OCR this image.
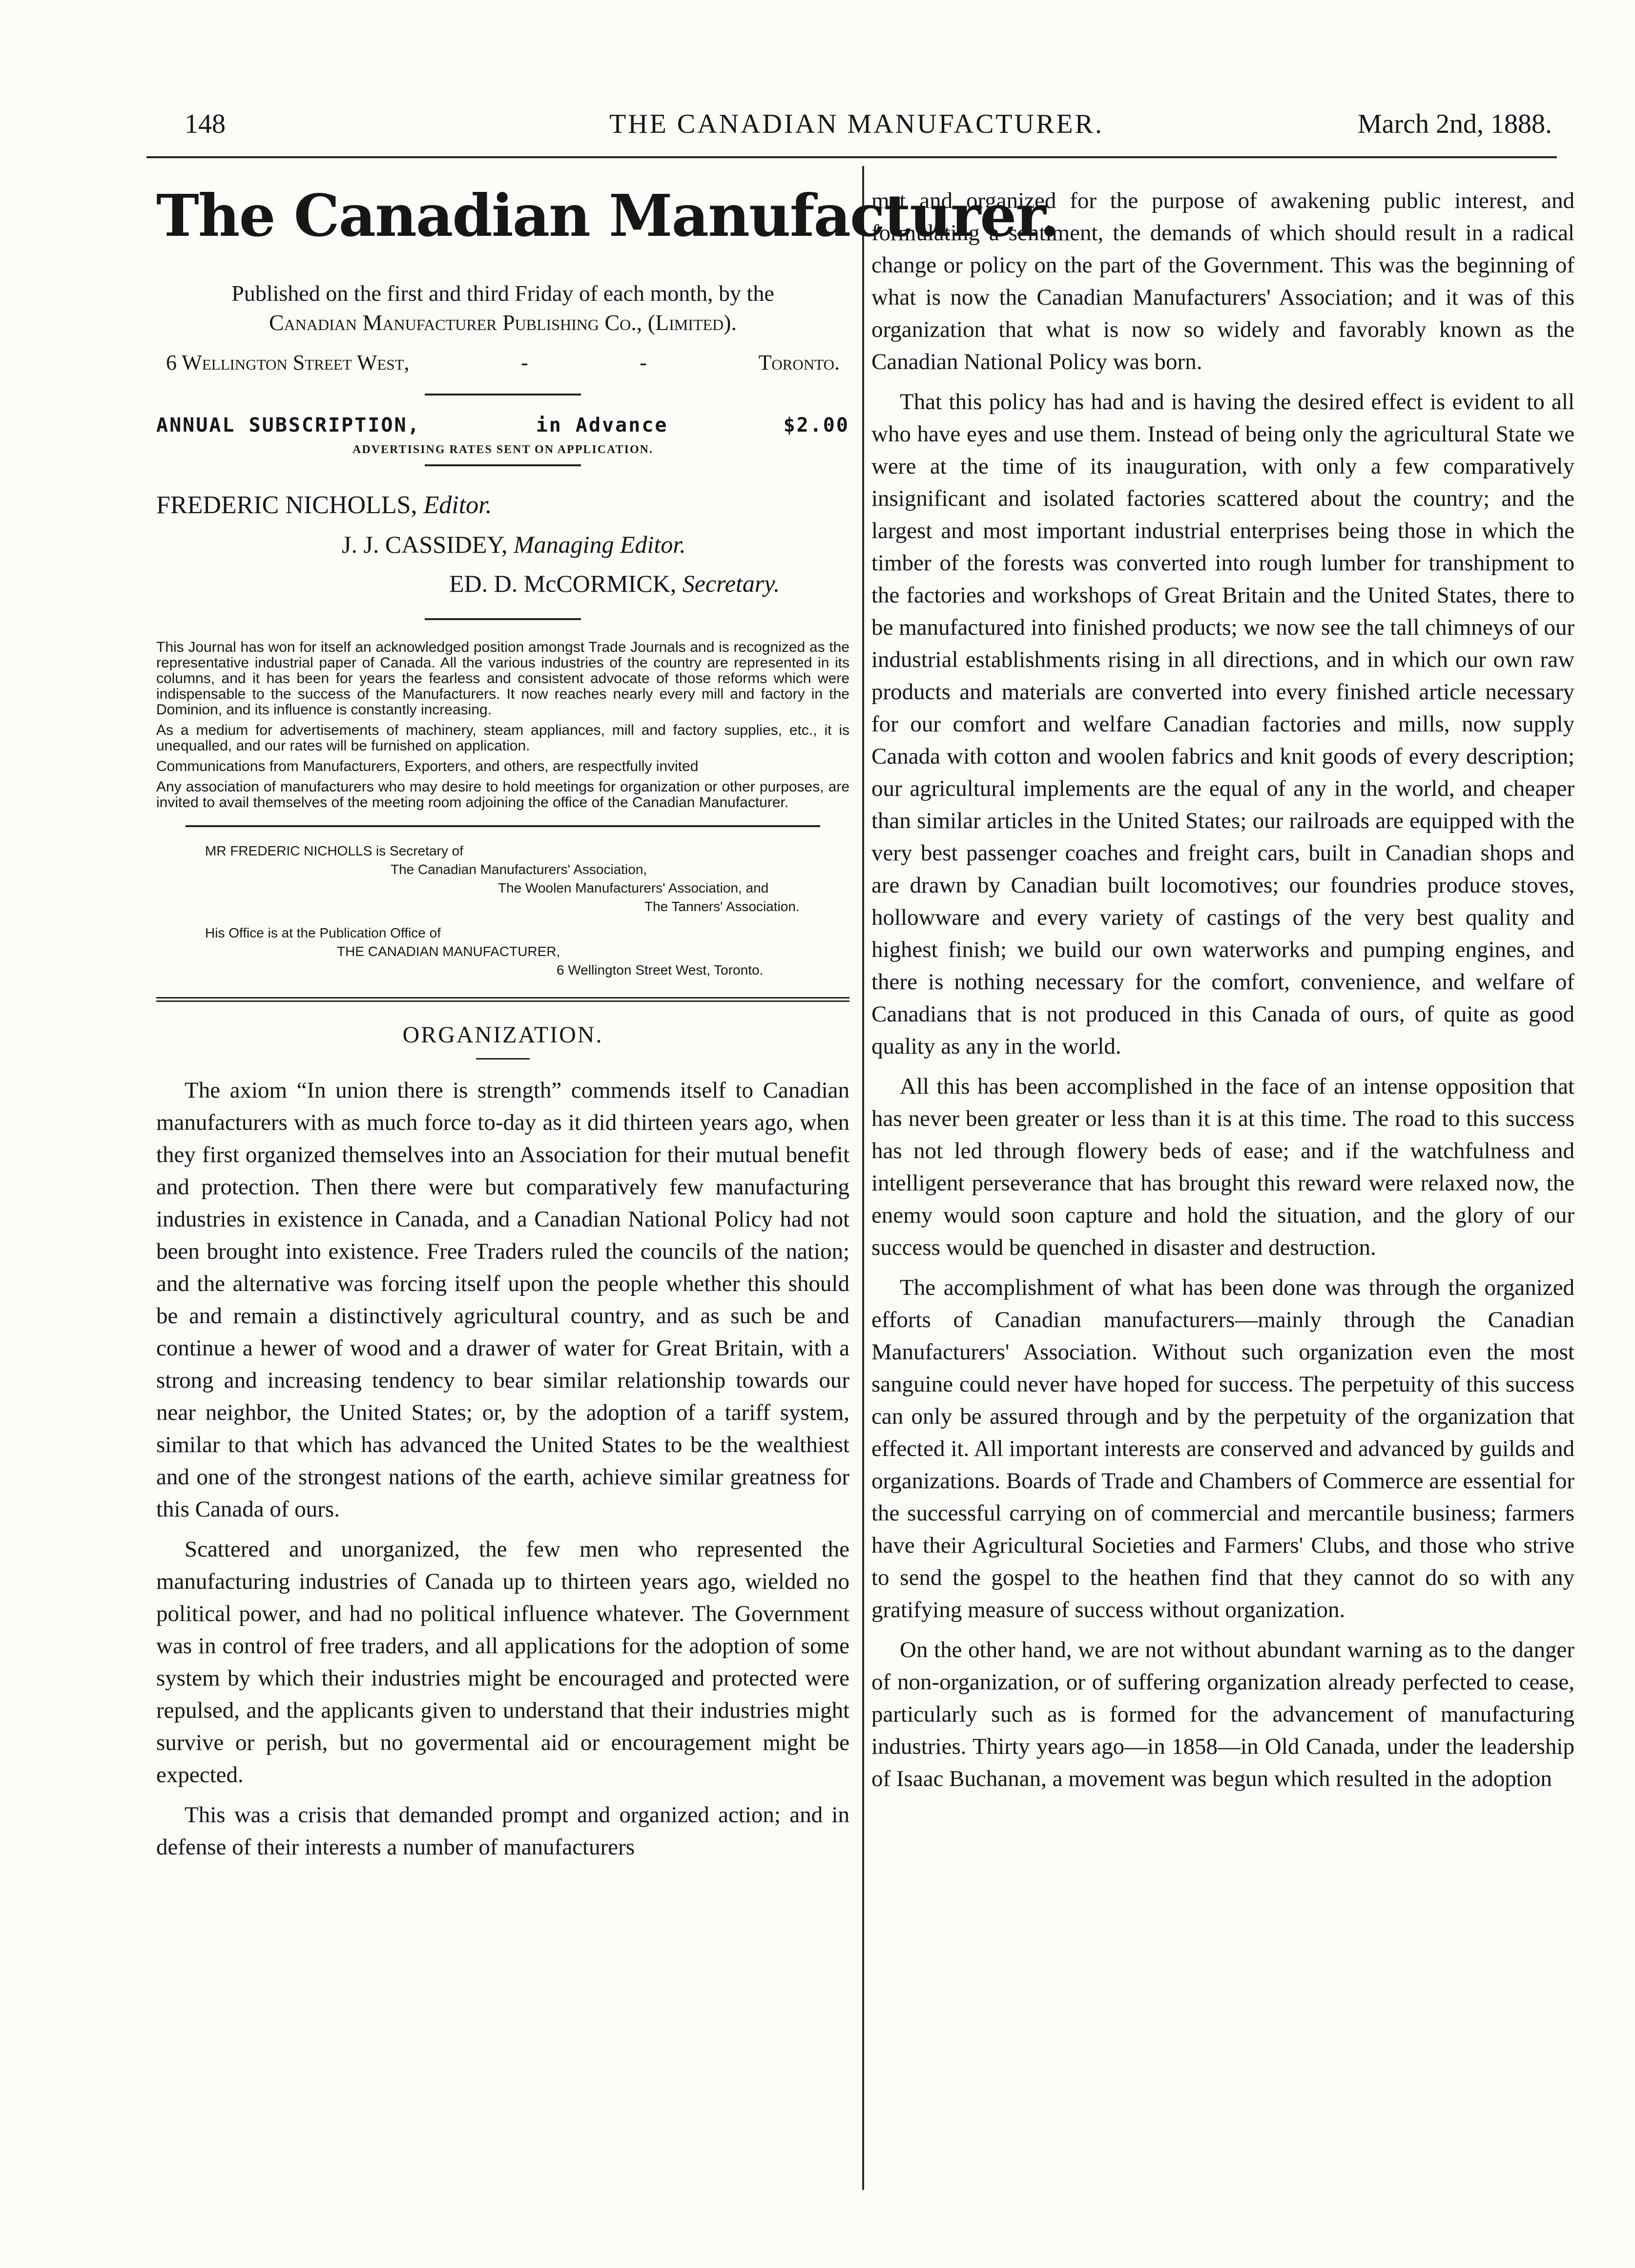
148	THE CANADIAN MANUFACTURER.	March 2nd, 1888.
The Canadian Manufacturer.

Published on the first and third Friday of each month, by the

Canadian Manufacturer Publishing Co., (Limited).

6 Wellington Street West,	-	-	Toronto.
ANNUAL SUBSCRIPTION,	in Advance	$2.00
ADVERTISING RATES SENT ON APPLICATION.
FREDERIC NICHOLLS, Editor.
J. J. CASSIDEY, Managing Editor.
ED. D. McCORMICK, Secretary.

This Journal has won for itself an acknowledged position amongst Trade Journals and is recognized as the representative industrial paper of Canada. All the various industries of the country are represented in its columns, and it has been for years the fearless and consistent advocate of those reforms which were indispensable to the success of the Manufacturers. It now reaches nearly every mill and factory in the Dominion, and its influence is constantly increasing.

As a medium for advertisements of machinery, steam appliances, mill and factory supplies, etc., it is unequalled, and our rates will be furnished on application.

Communications from Manufacturers, Exporters, and others, are respectfully invited

Any association of manufacturers who may desire to hold meetings for organization or other purposes, are invited to avail themselves of the meeting room adjoining the office of the Canadian Manufacturer.

MR FREDERIC NICHOLLS is Secretary of
The Canadian Manufacturers' Association,
The Woolen Manufacturers' Association, and
The Tanners' Association.
His Office is at the Publication Office of
THE CANADIAN MANUFACTURER,
6 Wellington Street West, Toronto.
ORGANIZATION.

The axiom “In union there is strength” commends itself to Canadian manufacturers with as much force to-day as it did thirteen years ago, when they first organized themselves into an Association for their mutual benefit and protection. Then there were but comparatively few manufacturing industries in existence in Canada, and a Canadian National Policy had not been brought into existence. Free Traders ruled the councils of the nation; and the alternative was forcing itself upon the people whether this should be and remain a distinctively agricultural country, and as such be and continue a hewer of wood and a drawer of water for Great Britain, with a strong and increasing tendency to bear similar relationship towards our near neighbor, the United States; or, by the adoption of a tariff system, similar to that which has advanced the United States to be the wealthiest and one of the strongest nations of the earth, achieve similar greatness for this Canada of ours.

Scattered and unorganized, the few men who represented the manufacturing industries of Canada up to thirteen years ago, wielded no political power, and had no political influence whatever. The Government was in control of free traders, and all applications for the adoption of some system by which their industries might be encouraged and protected were repulsed, and the applicants given to understand that their industries might survive or perish, but no govermental aid or encouragement might be expected.

This was a crisis that demanded prompt and organized action; and in defense of their interests a number of manufacturers

met and organized for the purpose of awakening public interest, and formulating a sentiment, the demands of which should result in a radical change or policy on the part of the Government. This was the beginning of what is now the Canadian Manufacturers' Association; and it was of this organization that what is now so widely and favorably known as the Canadian National Policy was born.

That this policy has had and is having the desired effect is evident to all who have eyes and use them. Instead of being only the agricultural State we were at the time of its inauguration, with only a few comparatively insignificant and isolated factories scattered about the country; and the largest and most important industrial enterprises being those in which the timber of the forests was converted into rough lumber for transhipment to the factories and workshops of Great Britain and the United States, there to be manufactured into finished products; we now see the tall chimneys of our industrial establishments rising in all directions, and in which our own raw products and materials are converted into every finished article necessary for our comfort and welfare Canadian factories and mills, now supply Canada with cotton and woolen fabrics and knit goods of every description; our agricultural implements are the equal of any in the world, and cheaper than similar articles in the United States; our railroads are equipped with the very best passenger coaches and freight cars, built in Canadian shops and are drawn by Canadian built locomotives; our foundries produce stoves, hollowware and every variety of castings of the very best quality and highest finish; we build our own waterworks and pumping engines, and there is nothing necessary for the comfort, convenience, and welfare of Canadians that is not produced in this Canada of ours, of quite as good quality as any in the world.

All this has been accomplished in the face of an intense opposition that has never been greater or less than it is at this time. The road to this success has not led through flowery beds of ease; and if the watchfulness and intelligent perseverance that has brought this reward were relaxed now, the enemy would soon capture and hold the situation, and the glory of our success would be quenched in disaster and destruction.

The accomplishment of what has been done was through the organized efforts of Canadian manufacturers—mainly through the Canadian Manufacturers' Association. Without such organization even the most sanguine could never have hoped for success. The perpetuity of this success can only be assured through and by the perpetuity of the organization that effected it. All important interests are conserved and advanced by guilds and organizations. Boards of Trade and Chambers of Commerce are essential for the successful carrying on of commercial and mercantile business; farmers have their Agricultural Societies and Farmers' Clubs, and those who strive to send the gospel to the heathen find that they cannot do so with any gratifying measure of success without organization.

On the other hand, we are not without abundant warning as to the danger of non-organization, or of suffering organization already perfected to cease, particularly such as is formed for the advancement of manufacturing industries. Thirty years ago—in 1858—in Old Canada, under the leadership of Isaac Buchanan, a movement was begun which resulted in the adoption
